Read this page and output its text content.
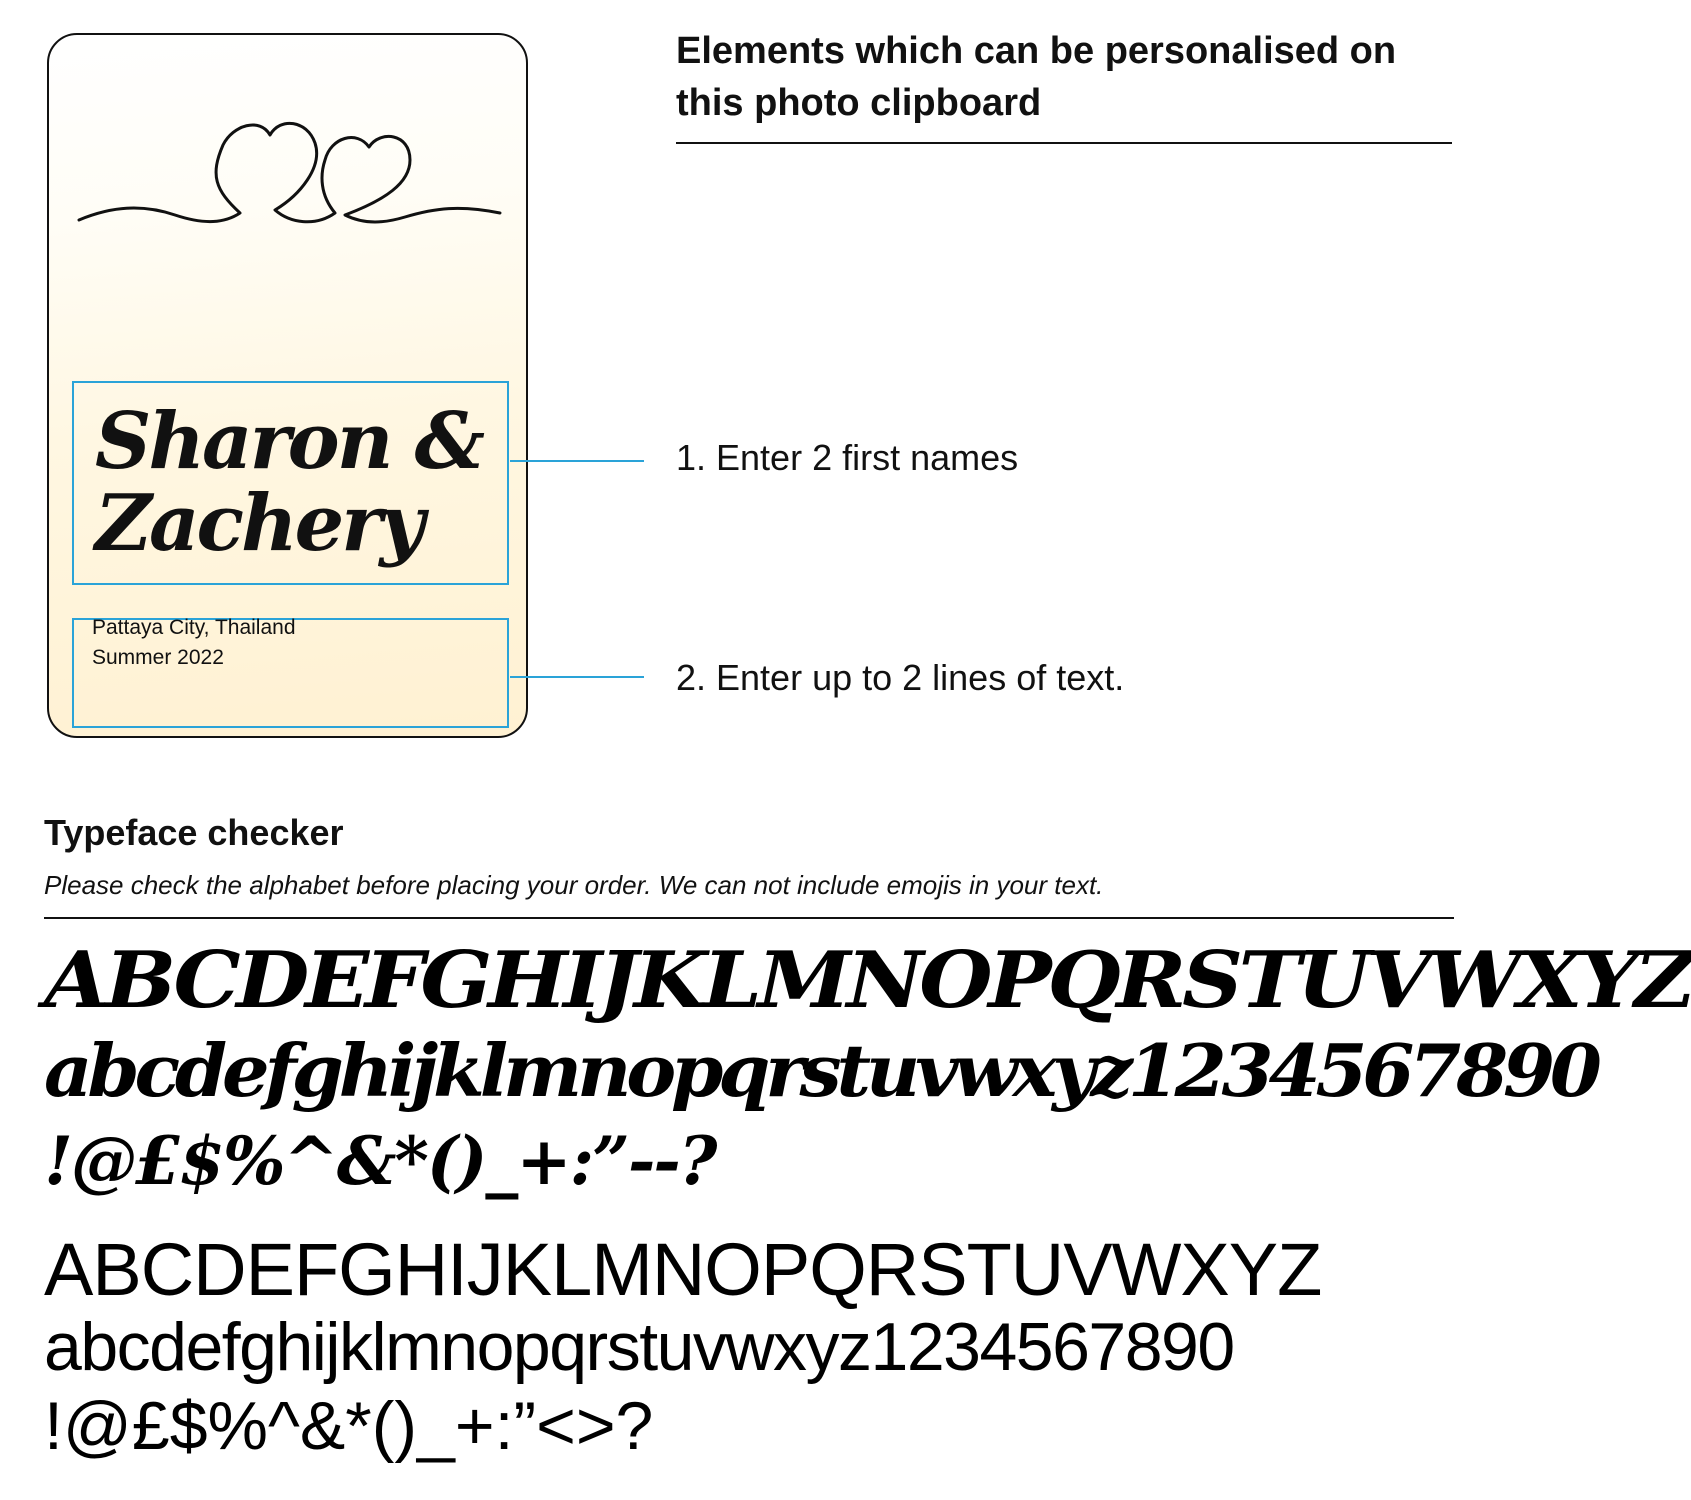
Sharon &
Zachery
Pattaya City, Thailand
Summer 2022
1. Enter 2 first names
2. Enter up to 2 lines of text.
Elements which can be personalised on this photo clipboard
Typeface checker
Please check the alphabet before placing your order. We can not include emojis in your text.
ABCDEFGHIJKLMNOPQRSTUVWXYZ
abcdefghijklmnopqrstuvwxyz1234567890
!@£$%^&*()_+:”--?
ABCDEFGHIJKLMNOPQRSTUVWXYZ
abcdefghijklmnopqrstuvwxyz1234567890
!@£$%^&*()_+:”<>?
